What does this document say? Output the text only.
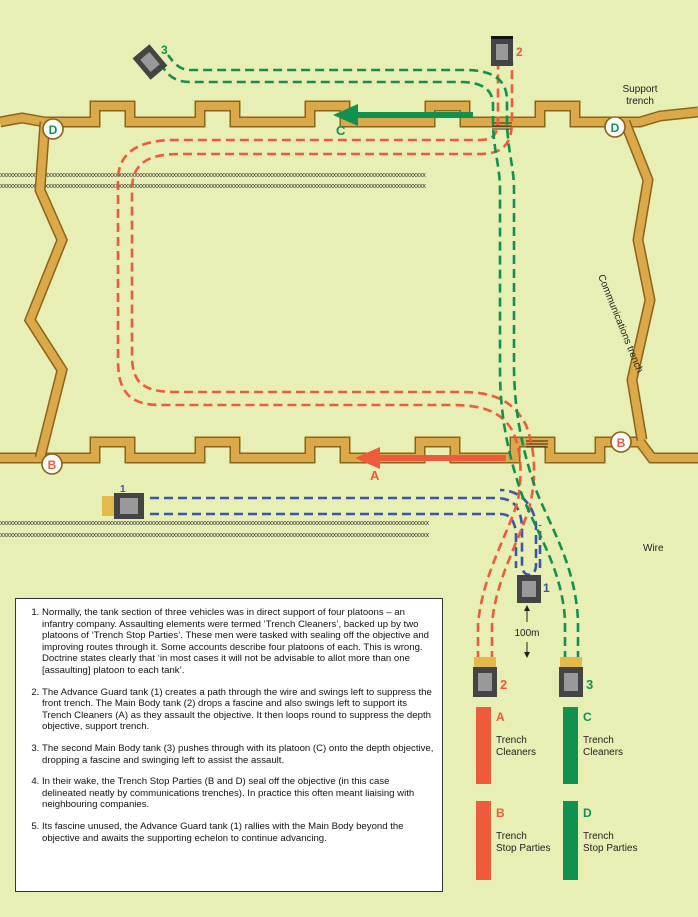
xxxxxxxxxxxxxxxxxxxxxxxxxxxxxxxxxxxxxxxxxxxxxxxxxxxxxxxxxxxxxxxxxxxxxxxxxxxxxxxxxxxxxxxxxxxxxxxxxxxxxxxxxxxxxxxxxxxxxxxxxxxxxxxxxxxxx
xxxxxxxxxxxxxxxxxxxxxxxxxxxxxxxxxxxxxxxxxxxxxxxxxxxxxxxxxxxxxxxxxxxxxxxxxxxxxxxxxxxxxxxxxxxxxxxxxxxxxxxxxxxxxxxxxxxxxxxxxxxxxxxxxxxxx
xxxxxxxxxxxxxxxxxxxxxxxxxxxxxxxxxxxxxxxxxxxxxxxxxxxxxxxxxxxxxxxxxxxxxxxxxxxxxxxxxxxxxxxxxxxxxxxxxxxxxxxxxxxxxxxxxxxxxxxxxxxxxxxxxxxxxx
xxxxxxxxxxxxxxxxxxxxxxxxxxxxxxxxxxxxxxxxxxxxxxxxxxxxxxxxxxxxxxxxxxxxxxxxxxxxxxxxxxxxxxxxxxxxxxxxxxxxxxxxxxxxxxxxxxxxxxxxxxxxxxxxxxxxxx
C
A
D	D
B
B
2
3
1
1
2	3
100m
Support
trench
Communications trench
Wire
A
Trench
Cleaners
C
Trench
Cleaners
B
Trench
Stop Parties
D
Trench
Stop Parties
1. Normally, the tank section of three vehicles was in direct support of four platoons – an infantry company. Assaulting elements were termed ‘Trench Cleaners’, backed up by two platoons of ‘Trench Stop Parties’. These men were tasked with sealing off the objective and improving routes through it. Some accounts describe four platoons of each. This is wrong. Doctrine states clearly that ‘in most cases it will not be advisable to allot more than one [assaulting] platoon to each tank’.
2. The Advance Guard tank (1) creates a path through the wire and swings left to suppress the front trench. The Main Body tank (2) drops a fascine and also swings left to support its Trench Cleaners (A) as they assault the objective. It then loops round to suppress the depth objective, support trench.
3. The second Main Body tank (3) pushes through with its platoon (C) onto the depth objective, dropping a fascine and swinging left to assist the assault.
4. In their wake, the Trench Stop Parties (B and D) seal off the objective (in this case delineated neatly by communications trenches). In practice this often meant liaising with neighbouring companies.
5. Its fascine unused, the Advance Guard tank (1) rallies with the Main Body beyond the objective and awaits the supporting echelon to continue advancing.
